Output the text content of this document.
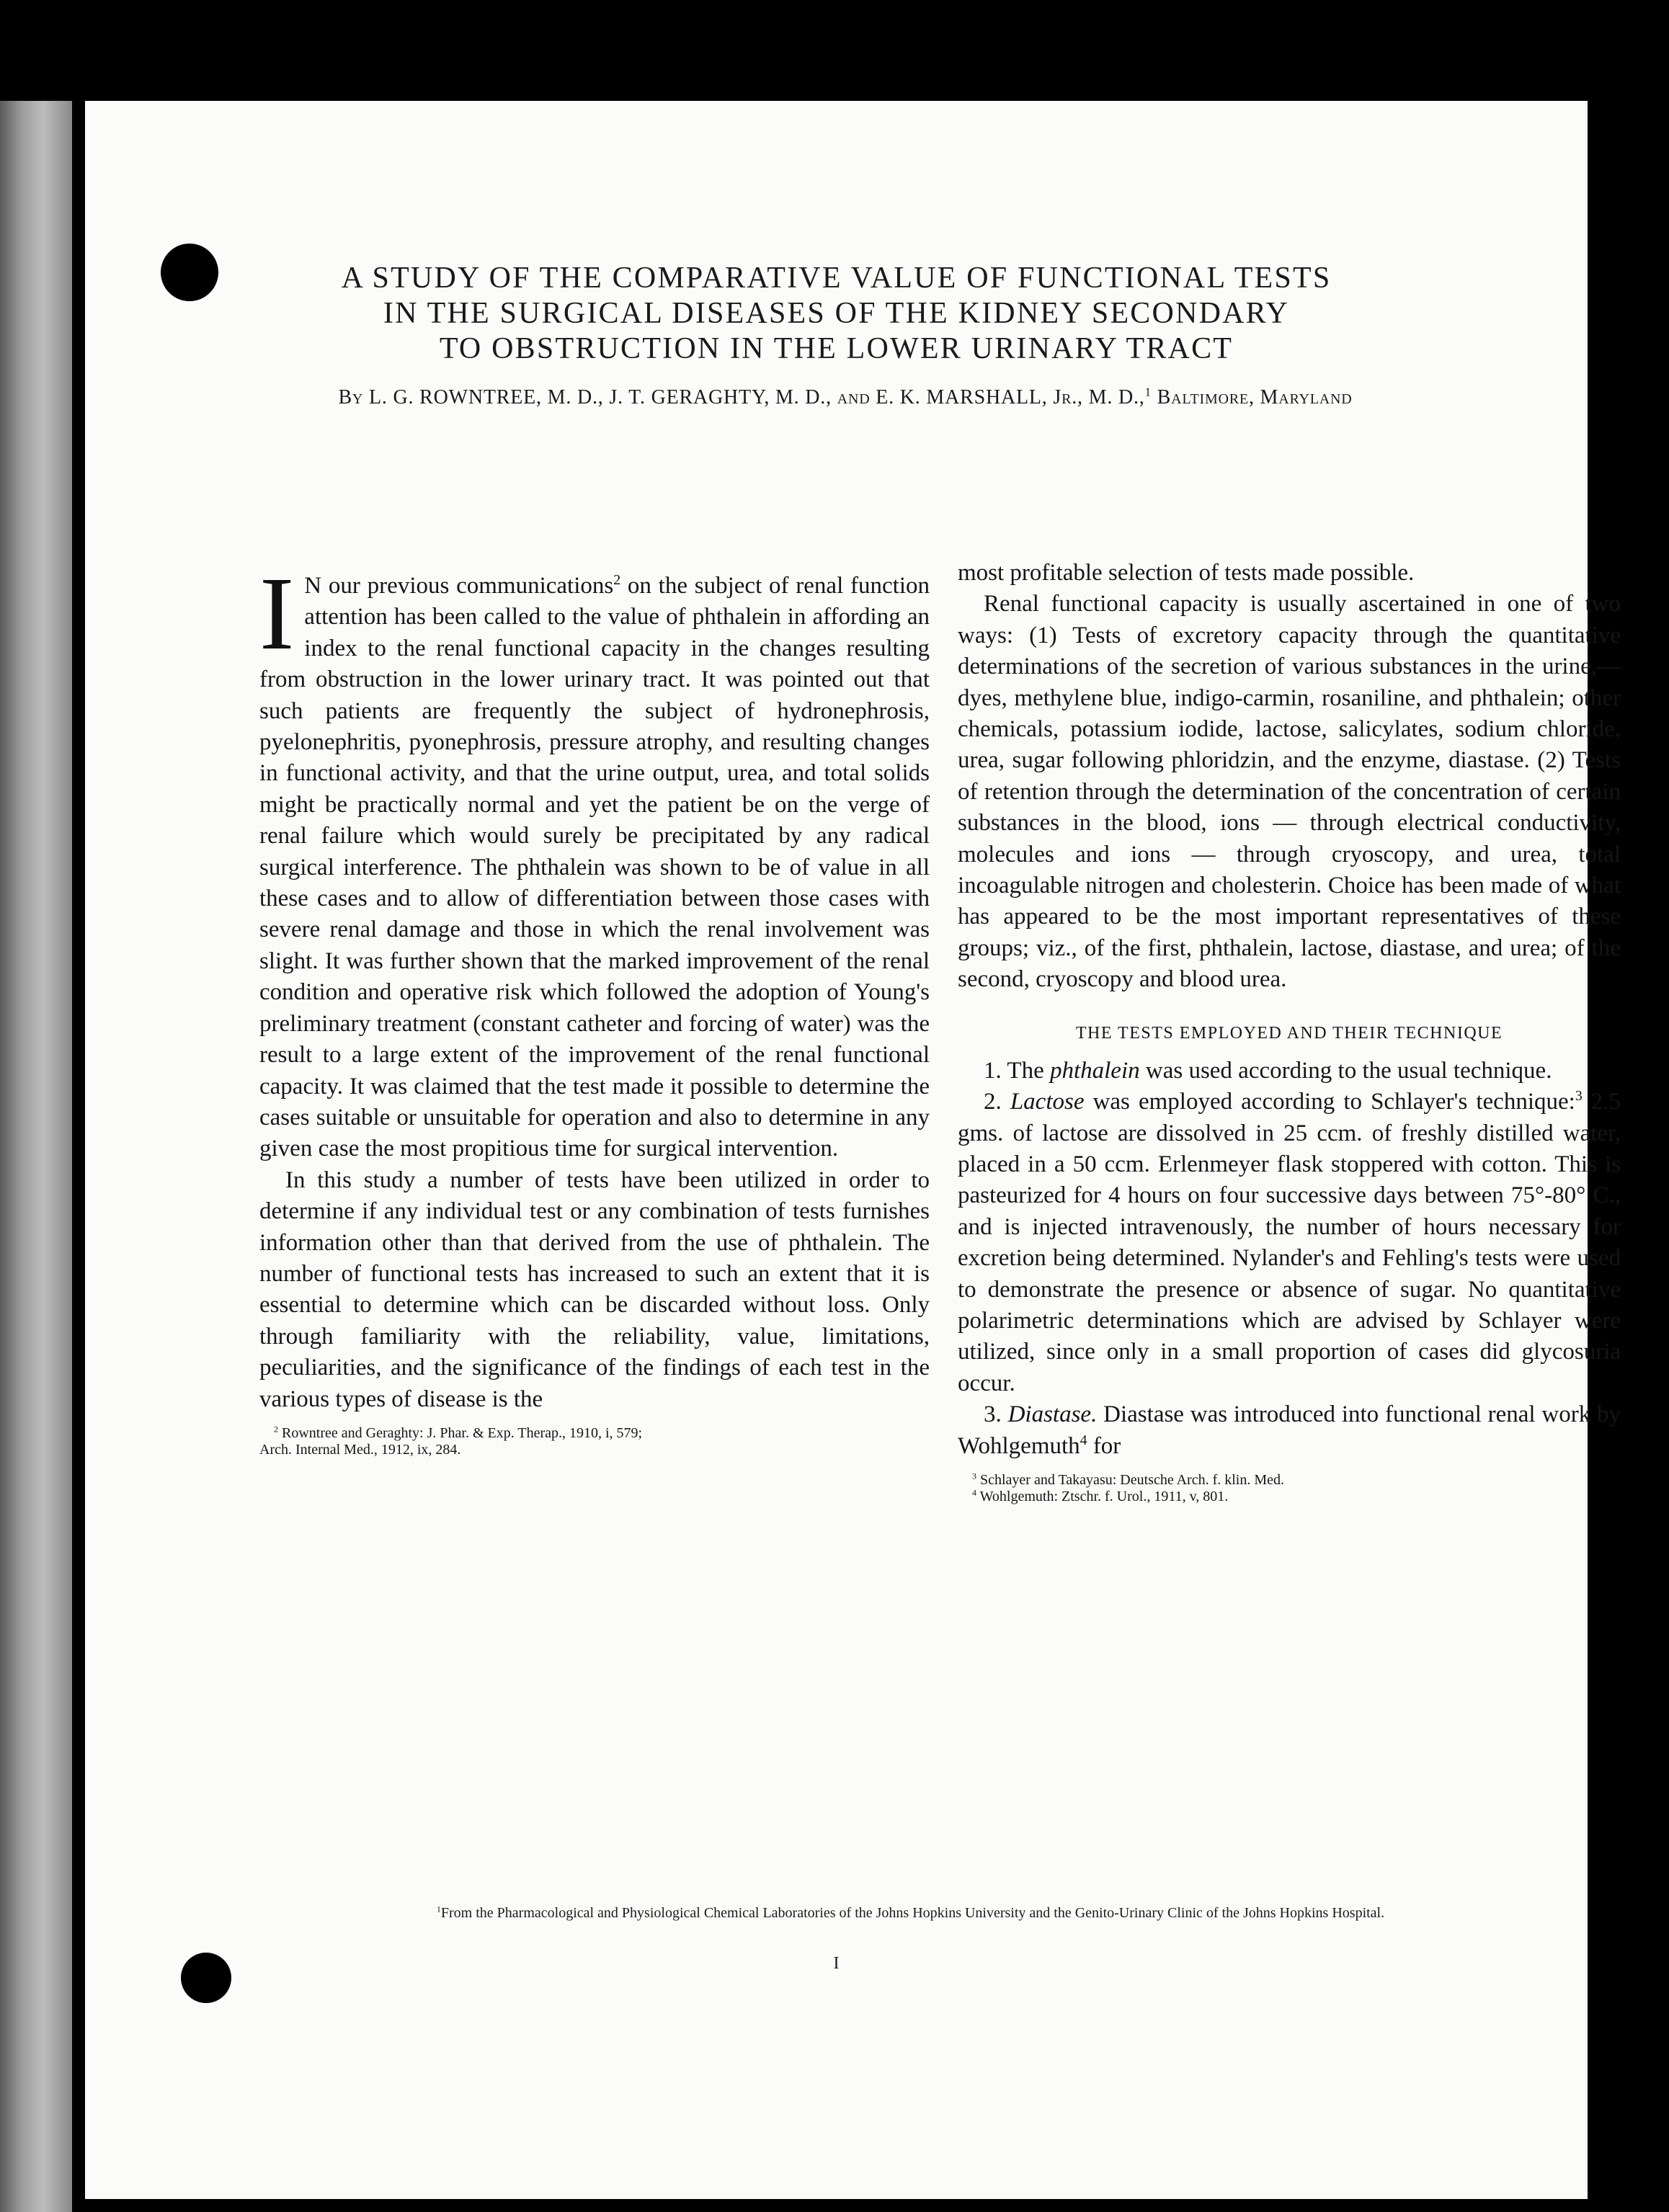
A STUDY OF THE COMPARATIVE VALUE OF FUNCTIONAL TESTS
IN THE SURGICAL DISEASES OF THE KIDNEY SECONDARY
TO OBSTRUCTION IN THE LOWER URINARY TRACT
By L. G. ROWNTREE, M. D., J. T. GERAGHTY, M. D., and E. K. MARSHALL, Jr., M. D.,$^1$ Baltimore, Maryland

I N our previous communications$^2$ on the subject of renal function attention has been called to the value of phthalein in affording an index to the renal functional capacity in the changes resulting from obstruction in the lower urinary tract. It was pointed out that such patients are frequently the subject of hydronephrosis, pyelonephritis, pyonephrosis, pressure atrophy, and resulting changes in functional activity, and that the urine output, urea, and total solids might be practically normal and yet the patient be on the verge of renal failure which would surely be precipitated by any radical surgical interference. The phthalein was shown to be of value in all these cases and to allow of differentiation between those cases with severe renal damage and those in which the renal involvement was slight. It was further shown that the marked improvement of the renal condition and operative risk which followed the adoption of Young's preliminary treatment (constant catheter and forcing of water) was the result to a large extent of the improvement of the renal functional capacity. It was claimed that the test made it possible to determine the cases suitable or unsuitable for operation and also to determine in any given case the most propitious time for surgical intervention.

In this study a number of tests have been utilized in order to determine if any individual test or any combination of tests furnishes information other than that derived from the use of phthalein. The number of functional tests has increased to such an extent that it is essential to determine which can be discarded without loss. Only through familiarity with the reliability, value, limitations, peculiarities, and the significance of the findings of each test in the various types of disease is the

$^2$ Rowntree and Geraghty: J. Phar. & Exp. Therap., 1910, i, 579;
Arch. Internal Med., 1912, ix, 284.

most profitable selection of tests made possible.

Renal functional capacity is usually ascertained in one of two ways: (1) Tests of excretory capacity through the quantitative determinations of the secretion of various substances in the urine,— dyes, methylene blue, indigo-carmin, rosaniline, and phthalein; other chemicals, potassium iodide, lactose, salicylates, sodium chloride, urea, sugar following phloridzin, and the enzyme, diastase. (2) Tests of retention through the determination of the concentration of certain substances in the blood, ions — through electrical conductivity, molecules and ions — through cryoscopy, and urea, total incoagulable nitrogen and cholesterin. Choice has been made of what has appeared to be the most important representatives of these groups; viz., of the first, phthalein, lactose, diastase, and urea; of the second, cryoscopy and blood urea.

THE TESTS EMPLOYED AND THEIR TECHNIQUE

1. The phthalein was used according to the usual technique.

2. Lactose was employed according to Schlayer's technique:$^3$ 2.5 gms. of lactose are dissolved in 25 ccm. of freshly distilled water, placed in a 50 ccm. Erlenmeyer flask stoppered with cotton. This is pasteurized for 4 hours on four successive days between 75°-80° C., and is injected intravenously, the number of hours necessary for excretion being determined. Nylander's and Fehling's tests were used to demonstrate the presence or absence of sugar. No quantitative polarimetric determinations which are advised by Schlayer were utilized, since only in a small proportion of cases did glycosuria occur.

3. Diastase. Diastase was introduced into functional renal work by Wohlgemuth$^4$ for

$^3$ Schlayer and Takayasu: Deutsche Arch. f. klin. Med.
$^4$ Wohlgemuth: Ztschr. f. Urol., 1911, v, 801.
$^1$From the Pharmacological and Physiological Chemical Laboratories of the Johns Hopkins University and the Genito-Urinary Clinic of the Johns Hopkins Hospital.
I
